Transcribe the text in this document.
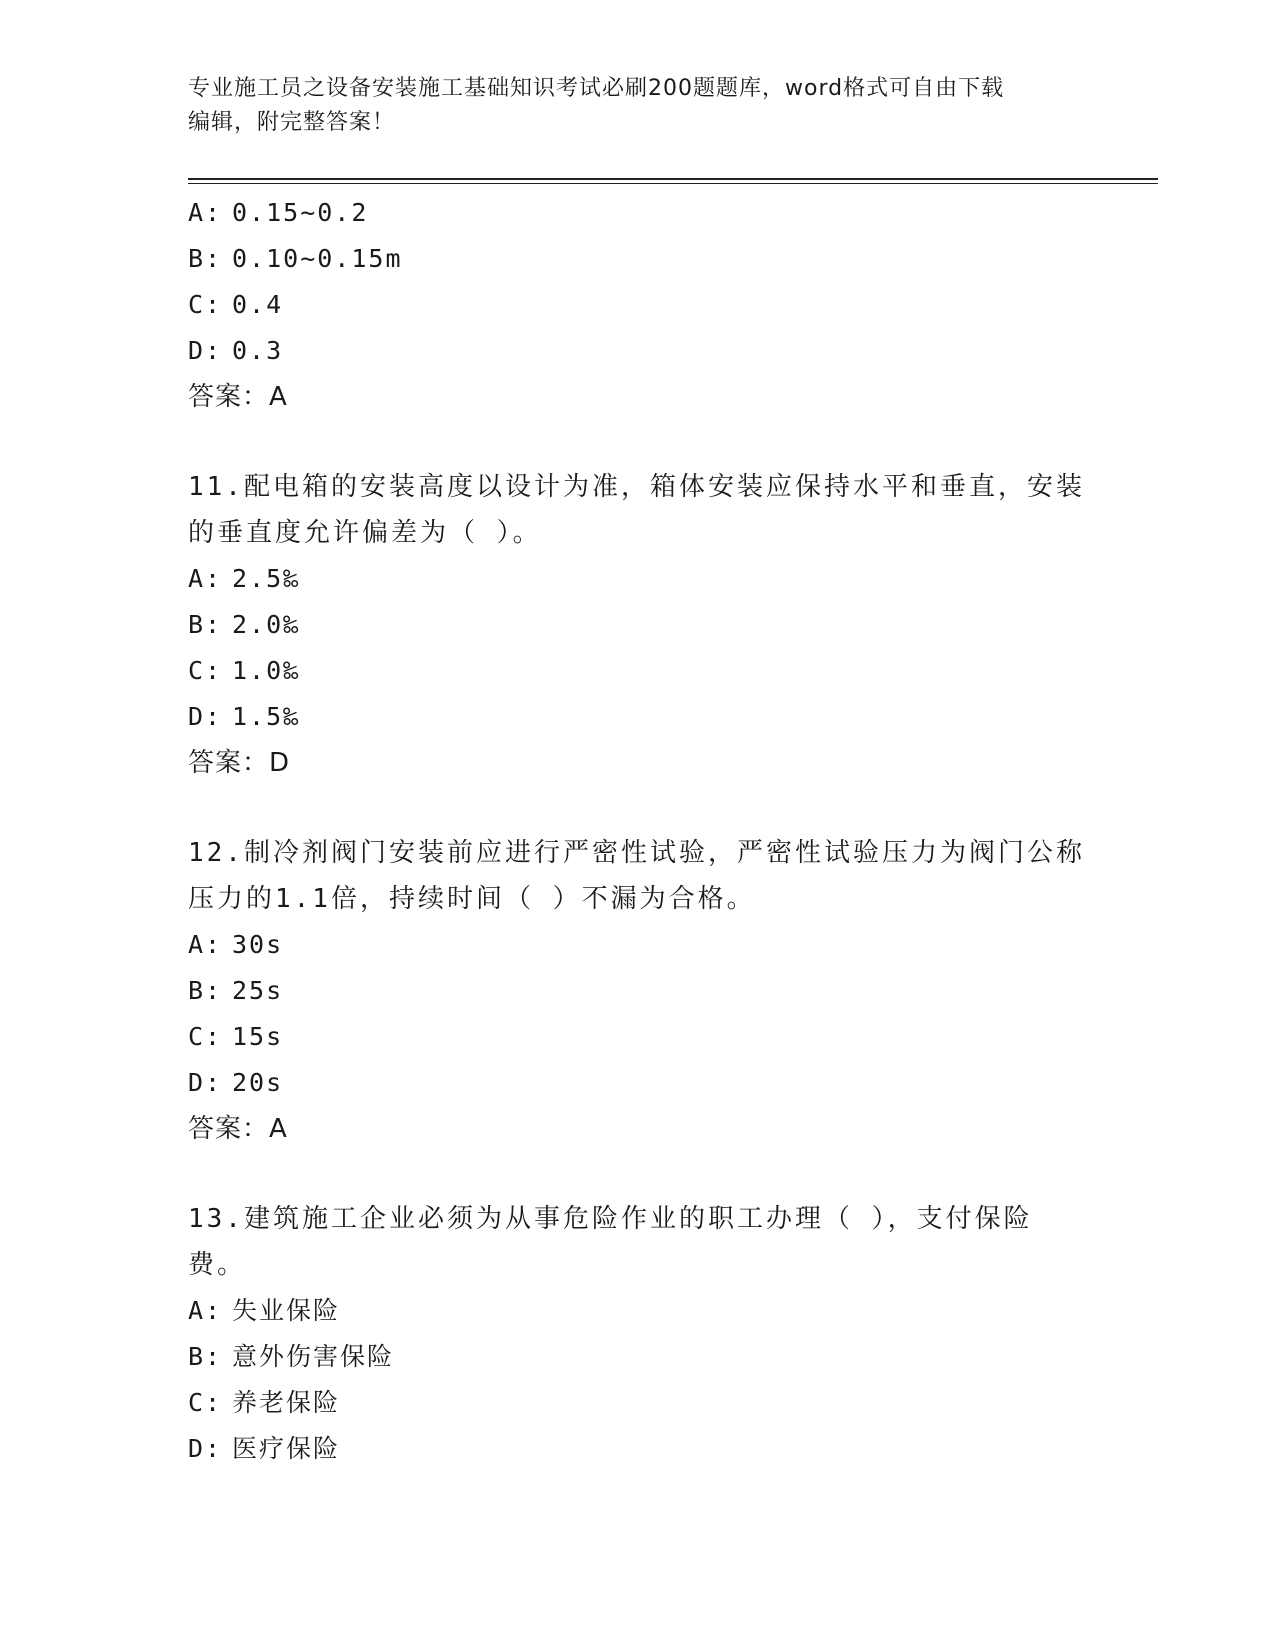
专业施工员之设备安装施工基础知识考试必刷200题题库，word格式可自由下载
编辑，附完整答案！
A: 0.15~0.2
B: 0.10~0.15m
C: 0.4
D: 0.3
答案：A
11.配电箱的安装高度以设计为准，箱体安装应保持水平和垂直，安装的垂直度允许偏差为（ ）。
A: 2.5‰
B: 2.0‰
C: 1.0‰
D: 1.5‰
答案：D
12.制冷剂阀门安装前应进行严密性试验，严密性试验压力为阀门公称压力的1.1倍，持续时间（ ）不漏为合格。
A: 30s
B: 25s
C: 15s
D: 20s
答案：A
13.建筑施工企业必须为从事危险作业的职工办理（ ），支付保险费。
A: 失业保险
B: 意外伤害保险
C: 养老保险
D: 医疗保险
